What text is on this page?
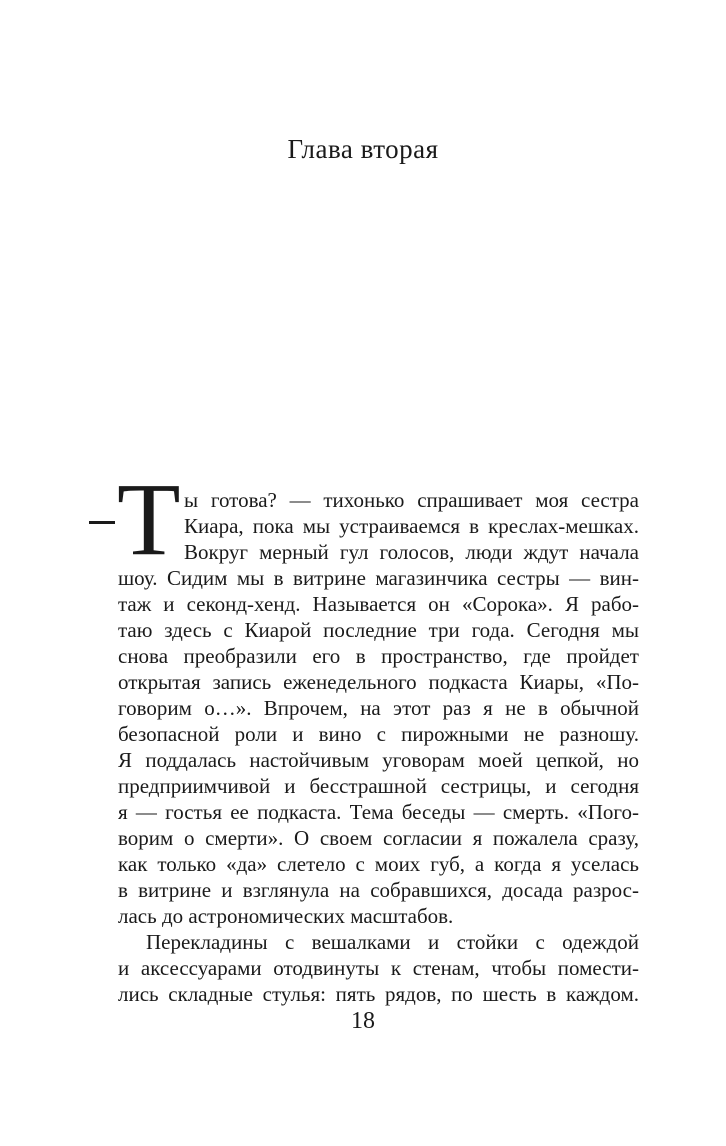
Глава вторая
Т ы готова? — тихонько спрашивает моя сестра
Киара, пока мы устраиваемся в креслах-мешках.
Вокруг мерный гул голосов, люди ждут начала
шоу. Сидим мы в витрине магазинчика сестры — вин-
таж и секонд-хенд. Называется он «Сорока». Я рабо-
таю здесь с Киарой последние три года. Сегодня мы
снова преобразили его в пространство, где пройдет
открытая запись еженедельного подкаста Киары, «По-
говорим о…». Впрочем, на этот раз я не в обычной
безопасной роли и вино с пирожными не разношу.
Я поддалась настойчивым уговорам моей цепкой, но
предприимчивой и бесстрашной сестрицы, и сегодня
я — гостья ее подкаста. Тема беседы — смерть. «Пого-
ворим о смерти». О своем согласии я пожалела сразу,
как только «да» слетело с моих губ, а когда я уселась
в витрине и взглянула на собравшихся, досада разрос-
лась до астрономических масштабов.
Перекладины с вешалками и стойки с одеждой
и аксессуарами отодвинуты к стенам, чтобы помести-
лись складные стулья: пять рядов, по шесть в каждом.
18
